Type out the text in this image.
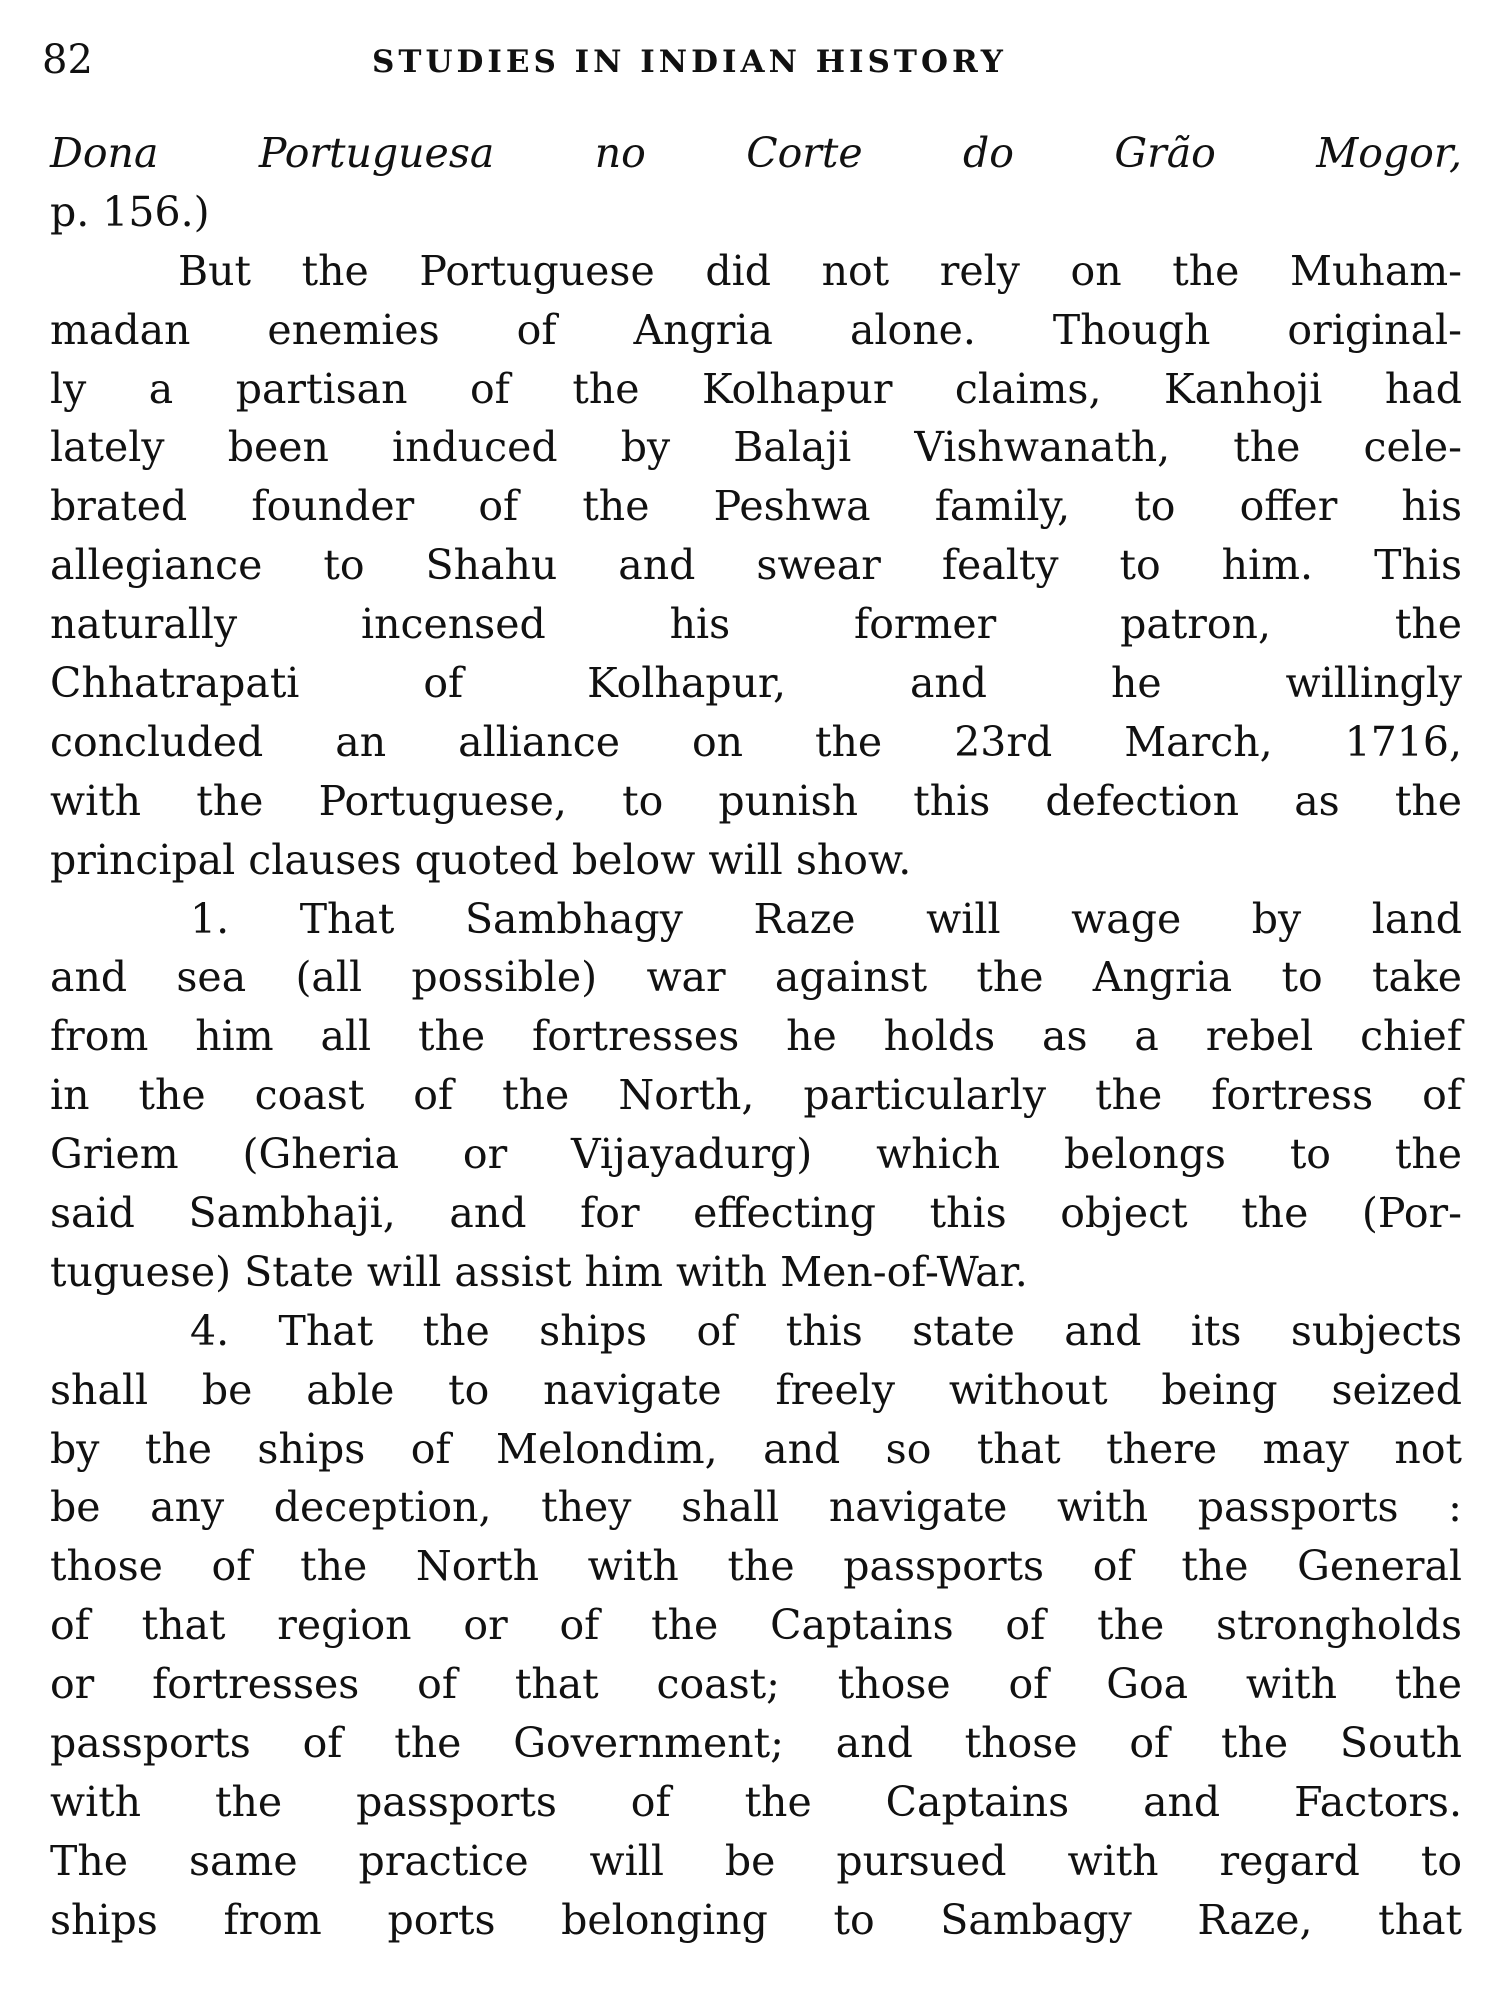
82	STUDIES IN INDIAN HISTORY
Dona Portuguesa no Corte do Grão Mogor,
p. 156.)
But the Portuguese did not rely on the Muham-
madan enemies of Angria alone. Though original-
ly a partisan of the Kolhapur claims, Kanhoji had
lately been induced by Balaji Vishwanath, the cele-
brated founder of the Peshwa family, to offer his
allegiance to Shahu and swear fealty to him. This
naturally incensed his former patron, the
Chhatrapati of Kolhapur, and he willingly
concluded an alliance on the 23rd March, 1716,
with the Portuguese, to punish this defection as the
principal clauses quoted below will show.
1. That Sambhagy Raze will wage by land
and sea (all possible) war against the Angria to take
from him all the fortresses he holds as a rebel chief
in the coast of the North, particularly the fortress of
Griem (Gheria or Vijayadurg) which belongs to the
said Sambhaji, and for effecting this object the (Por-
tuguese) State will assist him with Men-of-War.
4. That the ships of this state and its subjects
shall be able to navigate freely without being seized
by the ships of Melondim, and so that there may not
be any deception, they shall navigate with passports :
those of the North with the passports of the General
of that region or of the Captains of the strongholds
or fortresses of that coast; those of Goa with the
passports of the Government; and those of the South
with the passports of the Captains and Factors.
The same practice will be pursued with regard to
ships from ports belonging to Sambagy Raze, that
